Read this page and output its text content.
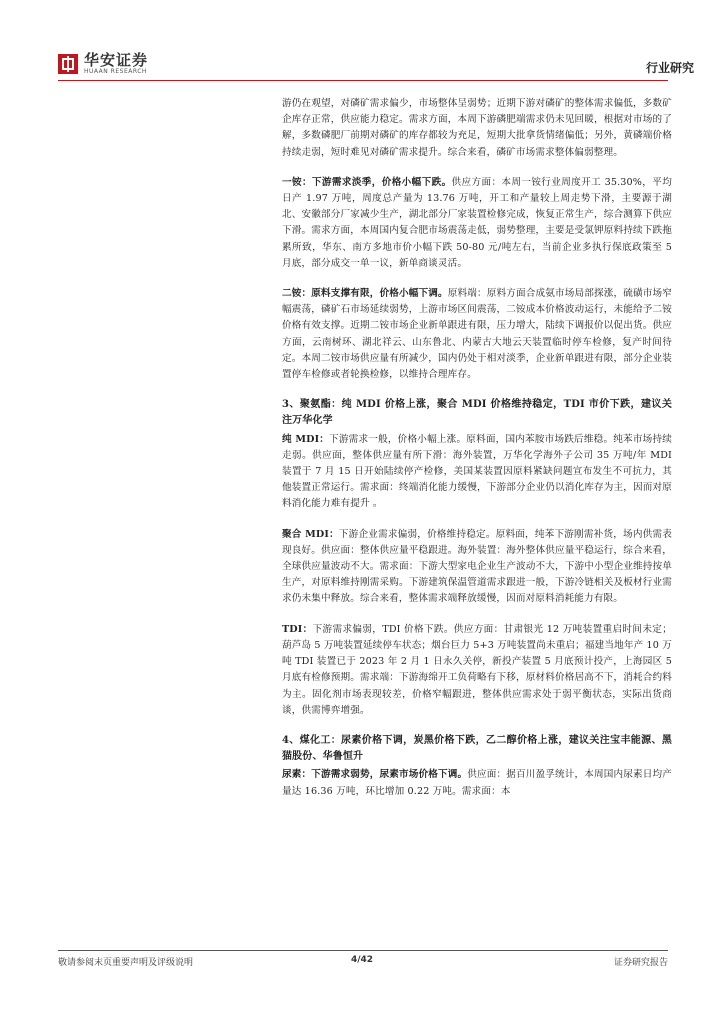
华安证券
HUAAN RESEARCH	行业研究

游仍在观望，对磷矿需求偏少，市场整体呈弱势；近期下游对磷矿的整体需求偏低，多数矿企库存正常，供应能力稳定。需求方面，本周下游磷肥端需求仍未见回暖，根据对市场的了解，多数磷肥厂前期对磷矿的库存都较为充足，短期大批拿货情绪偏低；另外，黄磷端价格持续走弱，短时难见对磷矿需求提升。综合来看，磷矿市场需求整体偏弱整理。

一铵：下游需求淡季，价格小幅下跌。供应方面：本周一铵行业周度开工 35.30%，平均日产 1.97 万吨，周度总产量为 13.76 万吨，开工和产量较上周走势下滑，主要源于湖北、安徽部分厂家减少生产，湖北部分厂家装置检修完成，恢复正常生产，综合测算下供应下滑。需求方面，本周国内复合肥市场震荡走低，弱势整理，主要是受氯钾原料持续下跌拖累所致，华东、南方多地市价小幅下跌 50-80 元/吨左右，当前企业多执行保底政策至 5 月底，部分成交一单一议，新单商谈灵活。

二铵：原料支撑有限，价格小幅下调。原料端：原料方面合成氨市场局部探涨，硫磺市场窄幅震荡，磷矿石市场延续弱势，上游市场区间震荡，二铵成本价格波动运行，未能给予二铵价格有效支撑。近期二铵市场企业新单跟进有限，压力增大，陆续下调报价以促出货。供应方面，云南树环、湖北祥云、山东鲁北、内蒙古大地云天装置临时停车检修，复产时间待定。本周二铵市场供应量有所减少，国内仍处于相对淡季，企业新单跟进有限，部分企业装置停车检修或者轮换检修，以维持合理库存。

3、聚氨酯：纯 MDI 价格上涨，聚合 MDI 价格维持稳定，TDI 市价下跌，建议关注万华化学

纯 MDI：下游需求一般，价格小幅上涨。原料面，国内苯胺市场跌后维稳。纯苯市场持续走弱。供应面，整体供应量有所下滑：海外装置，万华化学海外子公司 35 万吨/年 MDI 装置于 7 月 15 日开始陆续停产检修，美国某装置因原料紧缺问题宣布发生不可抗力，其他装置正常运行。需求面：终端消化能力缓慢，下游部分企业仍以消化库存为主，因而对原料消化能力难有提升 。

聚合 MDI：下游企业需求偏弱，价格维持稳定。原料面，纯苯下游刚需补货，场内供需表现良好。供应面：整体供应量平稳跟进。海外装置：海外整体供应量平稳运行，综合来看，全球供应量波动不大。需求面：下游大型家电企业生产波动不大，下游中小型企业维持按单生产，对原料维持刚需采购。下游建筑保温管道需求跟进一般，下游冷链相关及板材行业需求仍未集中释放。综合来看，整体需求端释放缓慢，因而对原料消耗能力有限。

TDI：下游需求偏弱，TDI 价格下跌。供应方面：甘肃银光 12 万吨装置重启时间未定；葫芦岛 5 万吨装置延续停车状态；烟台巨力 5+3 万吨装置尚未重启；福建当地年产 10 万吨 TDI 装置已于 2023 年 2 月 1 日永久关停，新投产装置 5 月底预计投产，上海园区 5 月底有检修预期。需求端：下游海绵开工负荷略有下移，原材料价格居高不下，消耗合约料为主。固化剂市场表现较差，价格窄幅跟进，整体供应需求处于弱平衡状态，实际出货商谈，供需博弈增强。

4、煤化工：尿素价格下调，炭黑价格下跌，乙二醇价格上涨，建议关注宝丰能源、黑猫股份、华鲁恒升

尿素：下游需求弱势，尿素市场价格下调。供应面：据百川盈孚统计，本周国内尿素日均产量达 16.36 万吨，环比增加 0.22 万吨。需求面：本

敬请参阅末页重要声明及评级说明	4/42	证券研究报告
